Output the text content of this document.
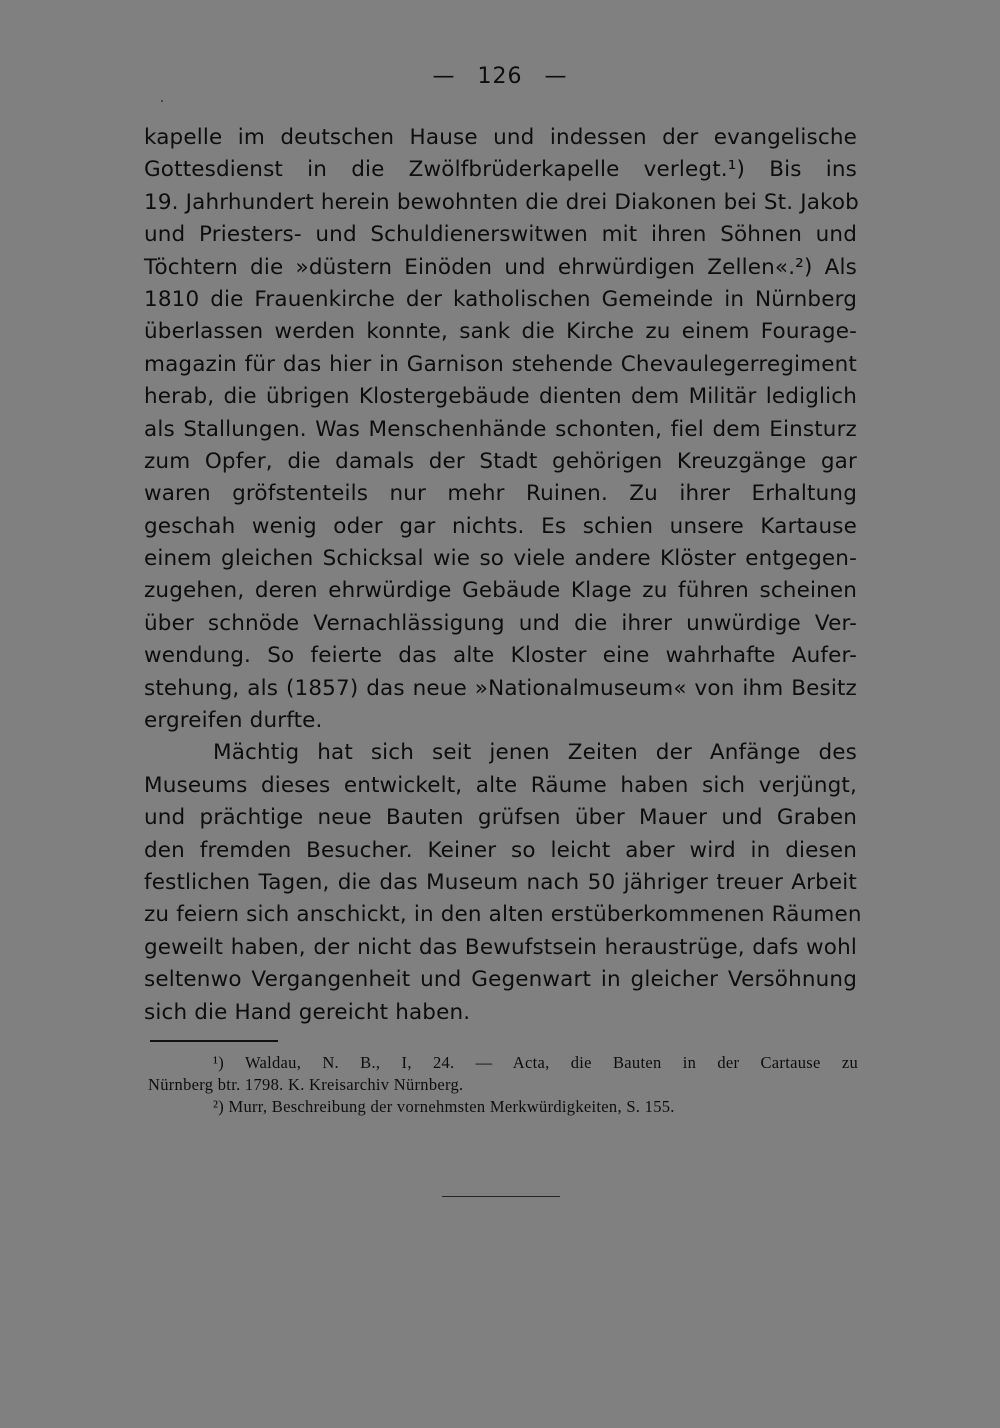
— 126 —
kapelle im deutschen Hause und indessen der evangelische
Gottesdienst in die Zwölfbrüderkapelle verlegt.¹) Bis ins
19. Jahrhundert herein bewohnten die drei Diakonen bei St. Jakob
und Priesters- und Schuldienerswitwen mit ihren Söhnen und
Töchtern die »düstern Einöden und ehrwürdigen Zellen«.²) Als
1810 die Frauenkirche der katholischen Gemeinde in Nürnberg
überlassen werden konnte, sank die Kirche zu einem Fourage-
magazin für das hier in Garnison stehende Chevaulegerregiment
herab, die übrigen Klostergebäude dienten dem Militär lediglich
als Stallungen. Was Menschenhände schonten, fiel dem Einsturz
zum Opfer, die damals der Stadt gehörigen Kreuzgänge gar
waren gröfstenteils nur mehr Ruinen. Zu ihrer Erhaltung
geschah wenig oder gar nichts. Es schien unsere Kartause
einem gleichen Schicksal wie so viele andere Klöster entgegen-
zugehen, deren ehrwürdige Gebäude Klage zu führen scheinen
über schnöde Vernachlässigung und die ihrer unwürdige Ver-
wendung. So feierte das alte Kloster eine wahrhafte Aufer-
stehung, als (1857) das neue »Nationalmuseum« von ihm Besitz
ergreifen durfte.
Mächtig hat sich seit jenen Zeiten der Anfänge des
Museums dieses entwickelt, alte Räume haben sich verjüngt,
und prächtige neue Bauten grüfsen über Mauer und Graben
den fremden Besucher. Keiner so leicht aber wird in diesen
festlichen Tagen, die das Museum nach 50 jähriger treuer Arbeit
zu feiern sich anschickt, in den alten erstüberkommenen Räumen
geweilt haben, der nicht das Bewufstsein heraustrüge, dafs wohl
seltenwo Vergangenheit und Gegenwart in gleicher Versöhnung
sich die Hand gereicht haben.
¹) Waldau, N. B., I, 24. — Acta, die Bauten in der Cartause zu
Nürnberg btr. 1798. K. Kreisarchiv Nürnberg.
²) Murr, Beschreibung der vornehmsten Merkwürdigkeiten, S. 155.
